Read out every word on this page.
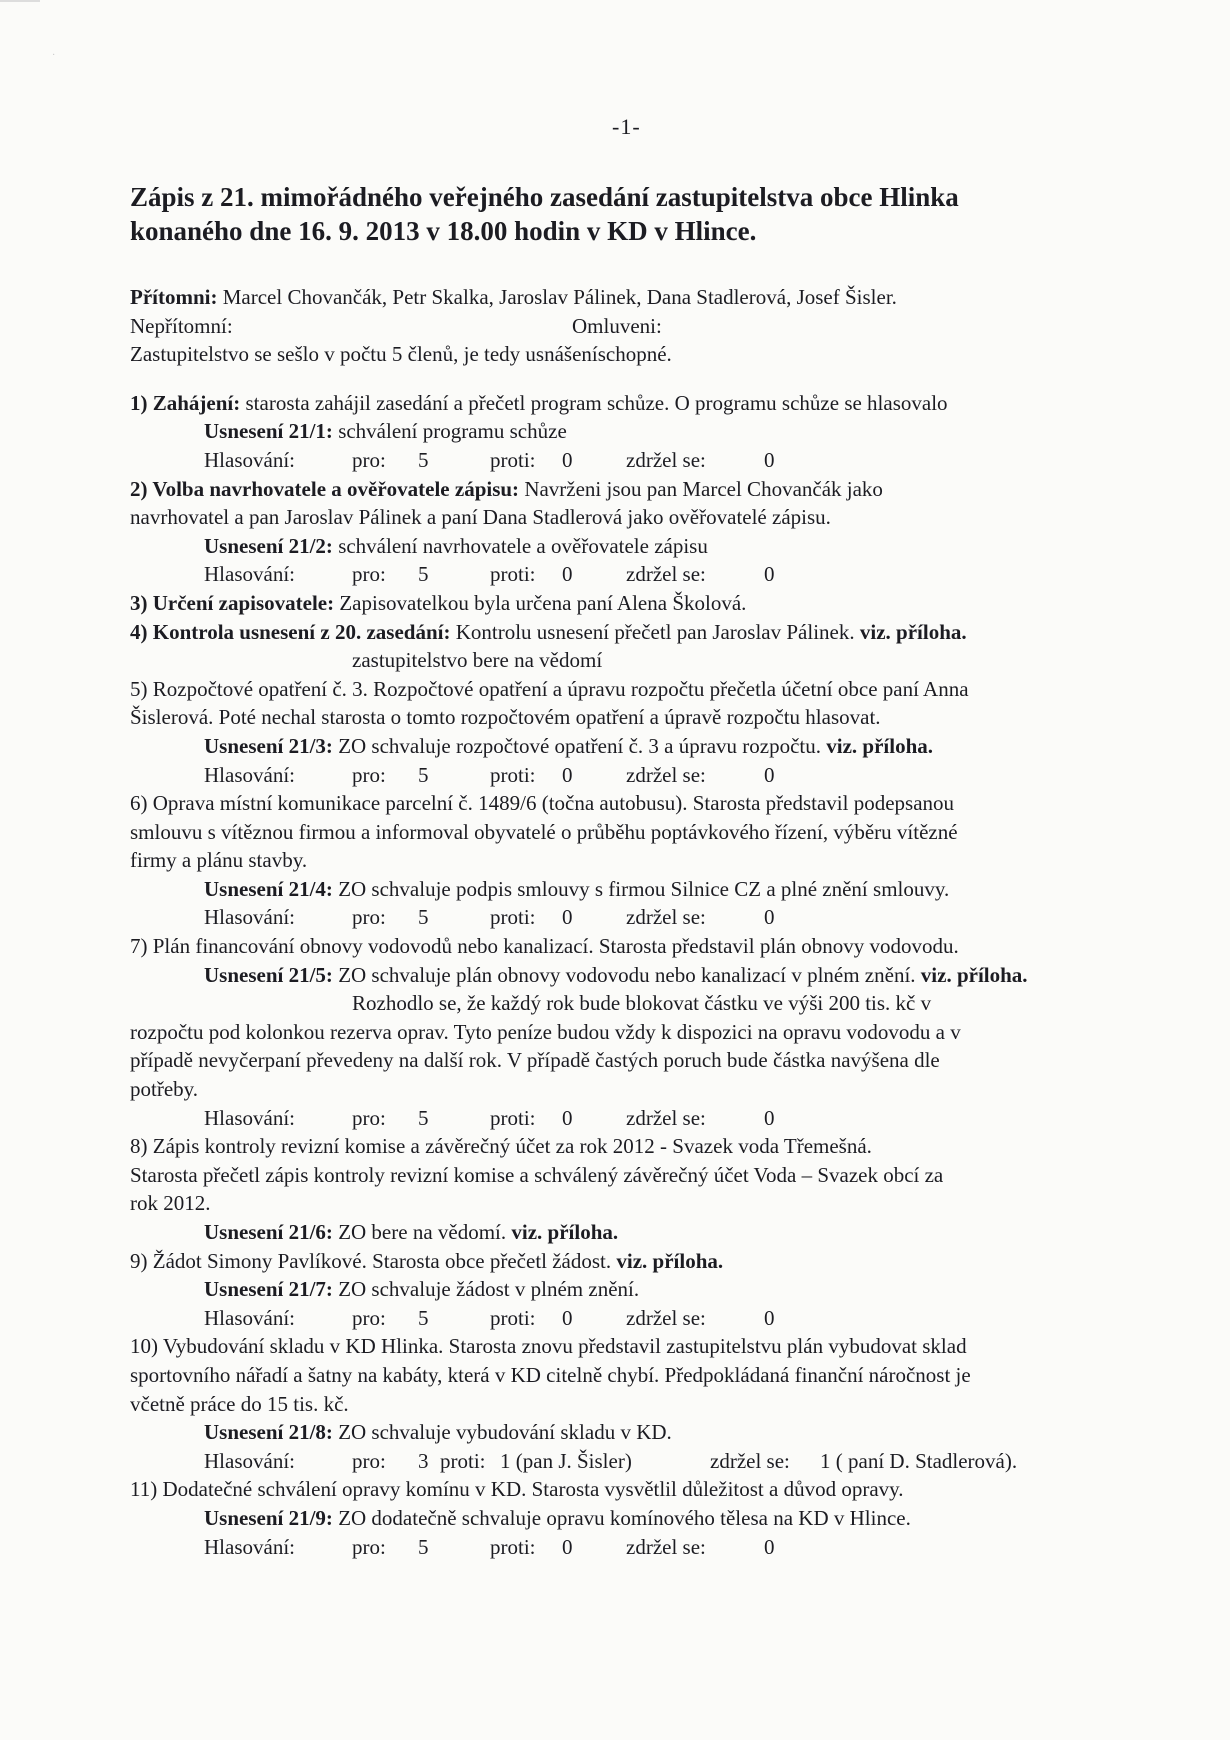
·
-1-
Zápis z 21. mimořádného veřejného zasedání zastupitelstva obce Hlinka
konaného dne 16. 9. 2013 v 18.00 hodin v KD v Hlince.
Přítomni: Marcel Chovančák, Petr Skalka, Jaroslav Pálinek, Dana Stadlerová, Josef Šisler.
Nepřítomní:	Omluveni:
Zastupitelstvo se sešlo v počtu 5 členů, je tedy usnášeníschopné.
1) Zahájení: starosta zahájil zasedání a přečetl program schůze. O programu schůze se hlasovalo
Usnesení 21/1: schválení programu schůze
Hlasování:	pro:	5	proti:	0	zdržel se:	0
2) Volba navrhovatele a ověřovatele zápisu: Navrženi jsou pan Marcel Chovančák jako
navrhovatel a pan Jaroslav Pálinek a paní Dana Stadlerová jako ověřovatelé zápisu.
Usnesení 21/2: schválení navrhovatele a ověřovatele zápisu
Hlasování:	pro:	5	proti:	0	zdržel se:	0
3) Určení zapisovatele: Zapisovatelkou byla určena paní Alena Školová.
4) Kontrola usnesení z 20. zasedání: Kontrolu usnesení přečetl pan Jaroslav Pálinek. viz. příloha.
zastupitelstvo bere na vědomí
5) Rozpočtové opatření č. 3. Rozpočtové opatření a úpravu rozpočtu přečetla účetní obce paní Anna
Šislerová. Poté nechal starosta o tomto rozpočtovém opatření a úpravě rozpočtu hlasovat.
Usnesení 21/3: ZO schvaluje rozpočtové opatření č. 3 a úpravu rozpočtu. viz. příloha.
Hlasování:	pro:	5	proti:	0	zdržel se:	0
6) Oprava místní komunikace parcelní č. 1489/6 (točna autobusu). Starosta představil podepsanou
smlouvu s vítěznou firmou a informoval obyvatelé o průběhu poptávkového řízení, výběru vítězné
firmy a plánu stavby.
Usnesení 21/4: ZO schvaluje podpis smlouvy s firmou Silnice CZ a plné znění smlouvy.
Hlasování:	pro:	5	proti:	0	zdržel se:	0
7) Plán financování obnovy vodovodů nebo kanalizací. Starosta představil plán obnovy vodovodu.
Usnesení 21/5: ZO schvaluje plán obnovy vodovodu nebo kanalizací v plném znění. viz. příloha.
Rozhodlo se, že každý rok bude blokovat částku ve výši 200 tis. kč v
rozpočtu pod kolonkou rezerva oprav. Tyto peníze budou vždy k dispozici na opravu vodovodu a v
případě nevyčerpaní převedeny na další rok. V případě častých poruch bude částka navýšena dle
potřeby.
Hlasování:	pro:	5	proti:	0	zdržel se:	0
8) Zápis kontroly revizní komise a závěrečný účet za rok 2012 - Svazek voda Třemešná.
Starosta přečetl zápis kontroly revizní komise a schválený závěrečný účet Voda – Svazek obcí za
rok 2012.
Usnesení 21/6: ZO bere na vědomí. viz. příloha.
9) Žádot Simony Pavlíkové. Starosta obce přečetl žádost. viz. příloha.
Usnesení 21/7: ZO schvaluje žádost v plném znění.
Hlasování:	pro:	5	proti:	0	zdržel se:	0
10) Vybudování skladu v KD Hlinka. Starosta znovu představil zastupitelstvu plán vybudovat sklad
sportovního nářadí a šatny na kabáty, která v KD citelně chybí. Předpokládaná finanční náročnost je
včetně práce do 15 tis. kč.
Usnesení 21/8: ZO schvaluje vybudování skladu v KD.
Hlasování:	pro:	3 proti: 1 (pan J. Šisler)	zdržel se:	1 ( paní D. Stadlerová).
11) Dodatečné schválení opravy komínu v KD. Starosta vysvětlil důležitost a důvod opravy.
Usnesení 21/9: ZO dodatečně schvaluje opravu komínového tělesa na KD v Hlince.
Hlasování:	pro:	5	proti:	0	zdržel se:	0
